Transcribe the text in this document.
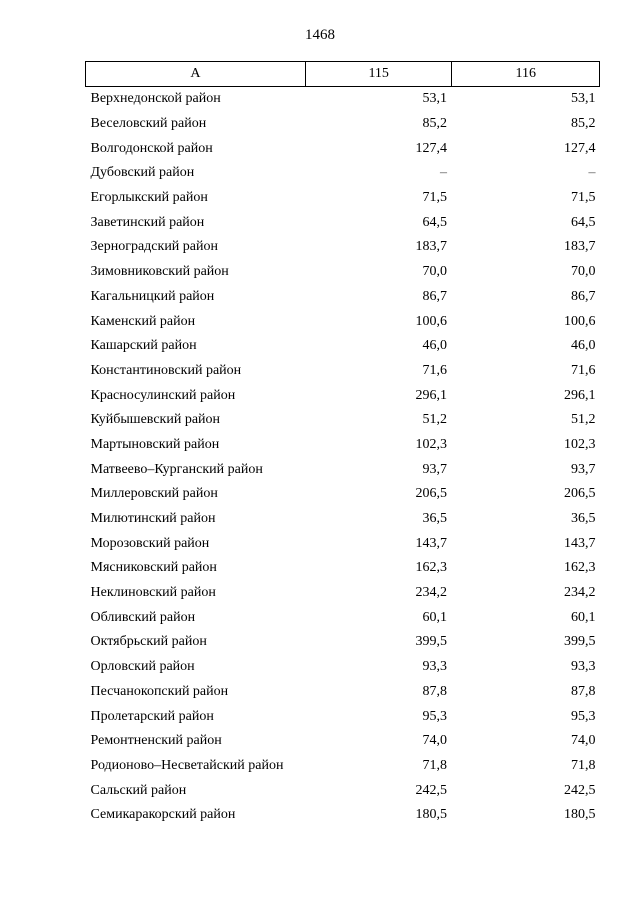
1468
А	115	116
Верхнедонской район	53,1	53,1
Веселовский район	85,2	85,2
Волгодонской район	127,4	127,4
Дубовский район	–	–
Егорлыкский район	71,5	71,5
Заветинский район	64,5	64,5
Зерноградский район	183,7	183,7
Зимовниковский район	70,0	70,0
Кагальницкий район	86,7	86,7
Каменский район	100,6	100,6
Кашарский район	46,0	46,0
Константиновский район	71,6	71,6
Красносулинский район	296,1	296,1
Куйбышевский район	51,2	51,2
Мартыновский район	102,3	102,3
Матвеево–Курганский район	93,7	93,7
Миллеровский район	206,5	206,5
Милютинский район	36,5	36,5
Морозовский район	143,7	143,7
Мясниковский район	162,3	162,3
Неклиновский район	234,2	234,2
Обливский район	60,1	60,1
Октябрьский район	399,5	399,5
Орловский район	93,3	93,3
Песчанокопский район	87,8	87,8
Пролетарский район	95,3	95,3
Ремонтненский район	74,0	74,0
Родионово–Несветайский район	71,8	71,8
Сальский район	242,5	242,5
Семикаракорский район	180,5	180,5
